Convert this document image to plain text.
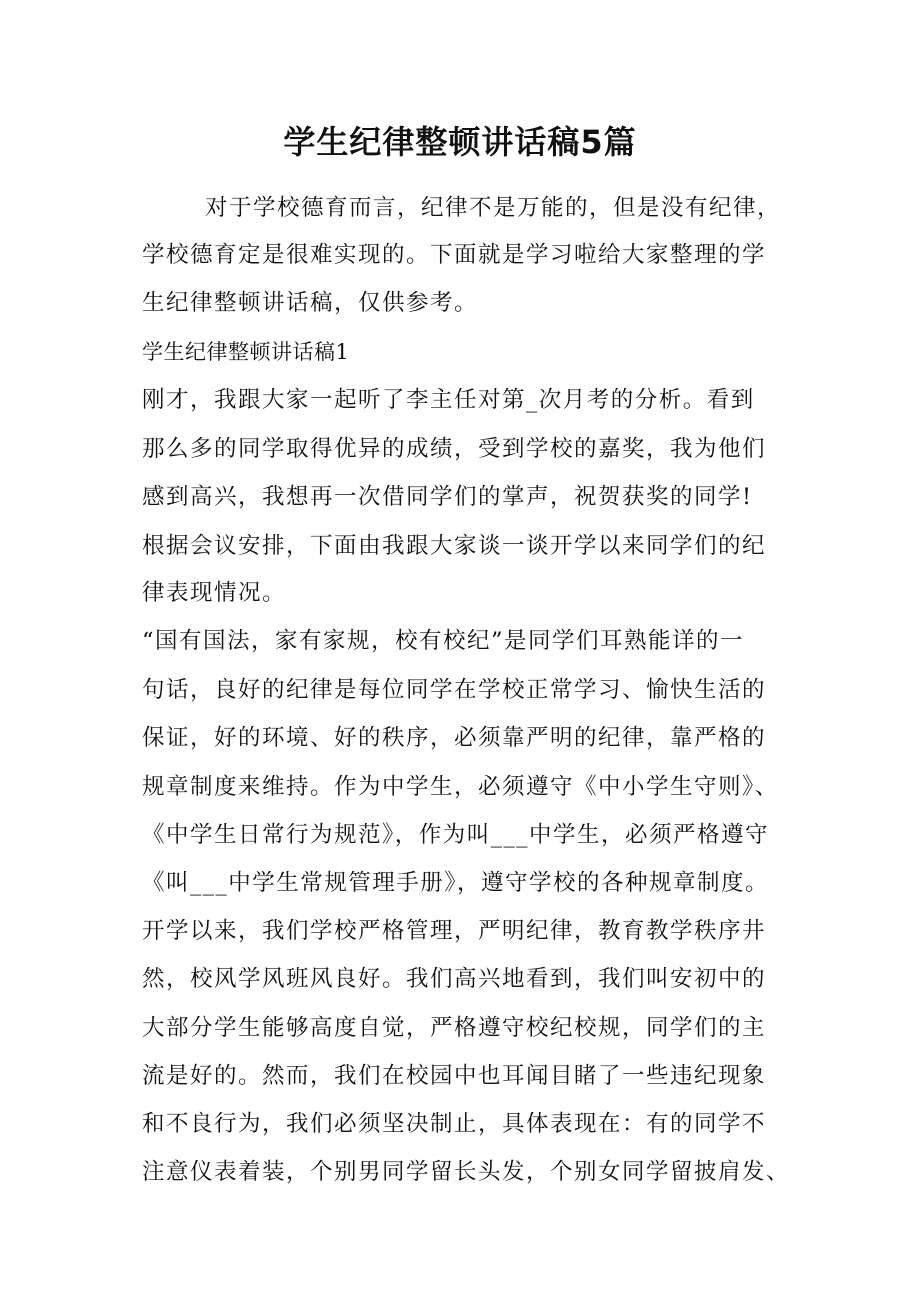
学生纪律整顿讲话稿5篇
对于学校德育而言，纪律不是万能的，但是没有纪律，
学校德育定是很难实现的。下面就是学习啦给大家整理的学
生纪律整顿讲话稿，仅供参考。
学生纪律整顿讲话稿1
刚才，我跟大家一起听了李主任对第_次月考的分析。看到
那么多的同学取得优异的成绩，受到学校的嘉奖，我为他们
感到高兴，我想再一次借同学们的掌声，祝贺获奖的同学!
根据会议安排，下面由我跟大家谈一谈开学以来同学们的纪
律表现情况。
“国有国法，家有家规，校有校纪”是同学们耳熟能详的一
句话，良好的纪律是每位同学在学校正常学习、愉快生活的
保证，好的环境、好的秩序，必须靠严明的纪律，靠严格的
规章制度来维持。作为中学生，必须遵守《中小学生守则》、
《中学生日常行为规范》，作为叫___中学生，必须严格遵守
《叫___中学生常规管理手册》，遵守学校的各种规章制度。
开学以来，我们学校严格管理，严明纪律，教育教学秩序井
然，校风学风班风良好。我们高兴地看到，我们叫安初中的
大部分学生能够高度自觉，严格遵守校纪校规，同学们的主
流是好的。然而，我们在校园中也耳闻目睹了一些违纪现象
和不良行为，我们必须坚决制止，具体表现在：有的同学不
注意仪表着装，个别男同学留长头发，个别女同学留披肩发、
